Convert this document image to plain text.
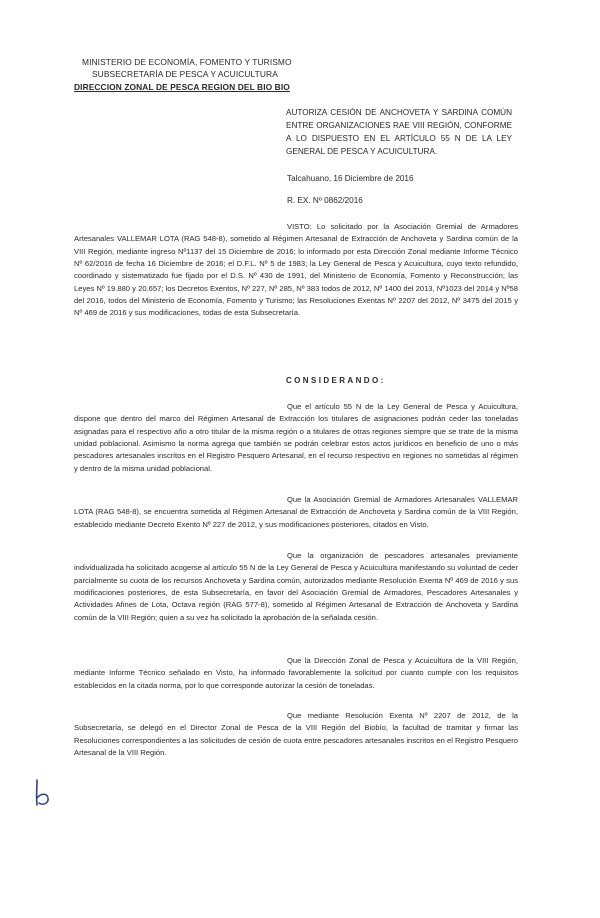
MINISTERIO DE ECONOMÍA, FOMENTO Y TURISMO
SUBSECRETARÍA DE PESCA Y ACUICULTURA
DIRECCION ZONAL DE PESCA REGION DEL BIO BIO
AUTORIZA CESIÓN DE ANCHOVETA Y SARDINA COMÚN ENTRE ORGANIZACIONES RAE VIII REGIÓN, CONFORME A LO DISPUESTO EN EL ARTÍCULO 55 N DE LA LEY GENERAL DE PESCA Y ACUICULTURA.
Talcahuano, 16 Diciembre de 2016
R. EX. Nº 0862/2016
VISTO: Lo solicitado por la Asociación Gremial de Armadores Artesanales VALLEMAR LOTA (RAG 548-8), sometido al Régimen Artesanal de Extracción de Anchoveta y Sardina común de la VIII Región, mediante ingreso Nº1137 del 15 Diciembre de 2016; lo informado por esta Dirección Zonal mediante Informe Técnico Nº 62/2016 de fecha 16 Diciembre de 2016; el D.F.L. Nº 5 de 1983; la Ley General de Pesca y Acuicultura, cuyo texto refundido, coordinado y sistematizado fue fijado por el D.S. Nº 430 de 1991, del Ministerio de Economía, Fomento y Reconstrucción; las Leyes Nº 19.880 y 20.657; los Decretos Exentos, Nº 227, Nº 285, Nº 383 todos de 2012, Nº 1400 del 2013, Nº1023 del 2014 y Nº58 del 2016, todos del Ministerio de Economía, Fomento y Turismo; las Resoluciones Exentas Nº 2207 del 2012, Nº 3475 del 2015 y Nº 469 de 2016 y sus modificaciones, todas de esta Subsecretaría.
CONSIDERANDO:
Que el artículo 55 N de la Ley General de Pesca y Acuicultura, dispone que dentro del marco del Régimen Artesanal de Extracción los titulares de asignaciones podrán ceder las toneladas asignadas para el respectivo año a otro titular de la misma región o a titulares de otras regiones siempre que se trate de la misma unidad poblacional. Asimismo la norma agrega que también se podrán celebrar estos actos jurídicos en beneficio de uno o más pescadores artesanales inscritos en el Registro Pesquero Artesanal, en el recurso respectivo en regiones no sometidas al régimen y dentro de la misma unidad poblacional.
Que la Asociación Gremial de Armadores Artesanales VALLEMAR LOTA (RAG 548-8), se encuentra sometida al Régimen Artesanal de Extracción de Anchoveta y Sardina común de la VIII Región, establecido mediante Decreto Exento Nº 227 de 2012, y sus modificaciones posteriores, citados en Visto.
Que la organización de pescadores artesanales previamente individualizada ha solicitado acogerse al artículo 55 N de la Ley General de Pesca y Acuicultura manifestando su voluntad de ceder parcialmente su cuota de los recursos Anchoveta y Sardina común, autorizados mediante Resolución Exenta Nº 469 de 2016 y sus modificaciones posteriores, de esta Subsecretaría, en favor del Asociación Gremial de Armadores, Pescadores Artesanales y Actividades Afines de Lota, Octava región (RAG 577-8), sometido al Régimen Artesanal de Extracción de Anchoveta y Sardina común de la VIII Región; quien a su vez ha solicitado la aprobación de la señalada cesión.
Que la Dirección Zonal de Pesca y Acuicultura de la VIII Región, mediante Informe Técnico señalado en Visto, ha informado favorablemente la solicitud por cuanto cumple con los requisitos establecidos en la citada norma, por lo que corresponde autorizar la cesión de toneladas.
Que mediante Resolución Exenta Nº 2207 de 2012, de la Subsecretaría, se delegó en el Director Zonal de Pesca de la VIII Región del Biobío, la facultad de tramitar y firmar las Resoluciones correspondientes a las solicitudes de cesión de cuota entre pescadores artesanales inscritos en el Registro Pesquero Artesanal de la VIII Región.
